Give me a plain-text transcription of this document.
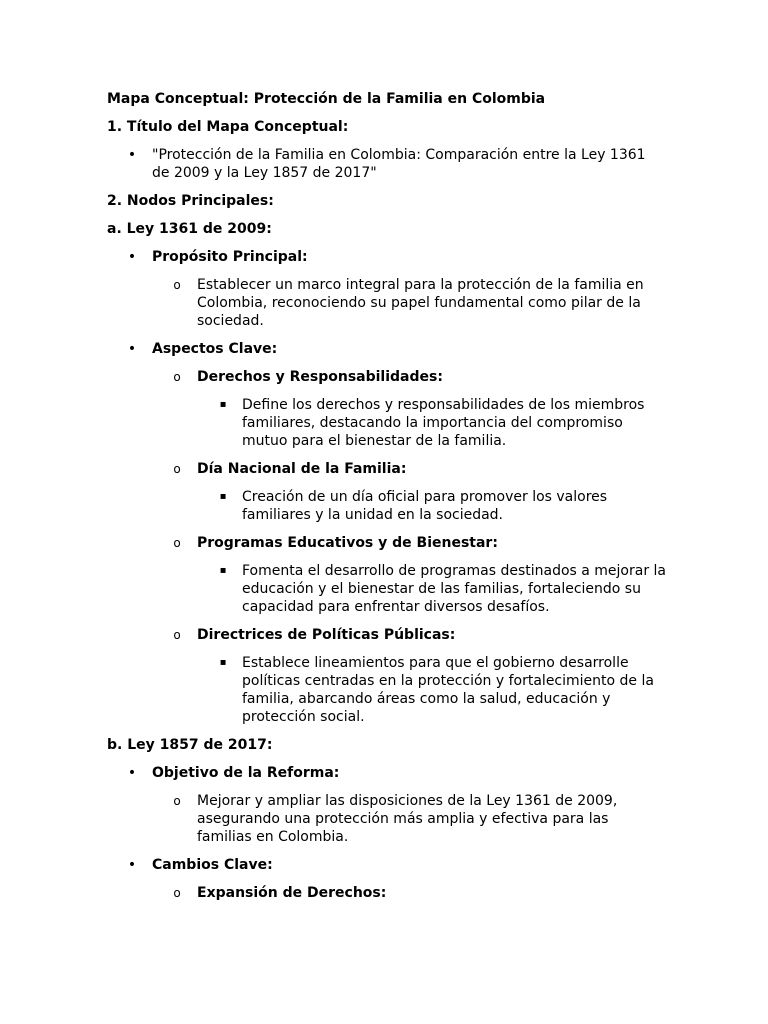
Mapa Conceptual: Protección de la Familia en Colombia
1. Título del Mapa Conceptual:
• "Protección de la Familia en Colombia: Comparación entre la Ley 1361 de 2009 y la Ley 1857 de 2017"
2. Nodos Principales:
a. Ley 1361 de 2009:
• Propósito Principal:
o Establecer un marco integral para la protección de la familia en Colombia, reconociendo su papel fundamental como pilar de la sociedad.
• Aspectos Clave:
o Derechos y Responsabilidades:
▪ Define los derechos y responsabilidades de los miembros familiares, destacando la importancia del compromiso mutuo para el bienestar de la familia.
o Día Nacional de la Familia:
▪ Creación de un día oficial para promover los valores familiares y la unidad en la sociedad.
o Programas Educativos y de Bienestar:
▪ Fomenta el desarrollo de programas destinados a mejorar la educación y el bienestar de las familias, fortaleciendo su capacidad para enfrentar diversos desafíos.
o Directrices de Políticas Públicas:
▪ Establece lineamientos para que el gobierno desarrolle políticas centradas en la protección y fortalecimiento de la familia, abarcando áreas como la salud, educación y protección social.
b. Ley 1857 de 2017:
• Objetivo de la Reforma:
o Mejorar y ampliar las disposiciones de la Ley 1361 de 2009, asegurando una protección más amplia y efectiva para las familias en Colombia.
• Cambios Clave:
o Expansión de Derechos:
